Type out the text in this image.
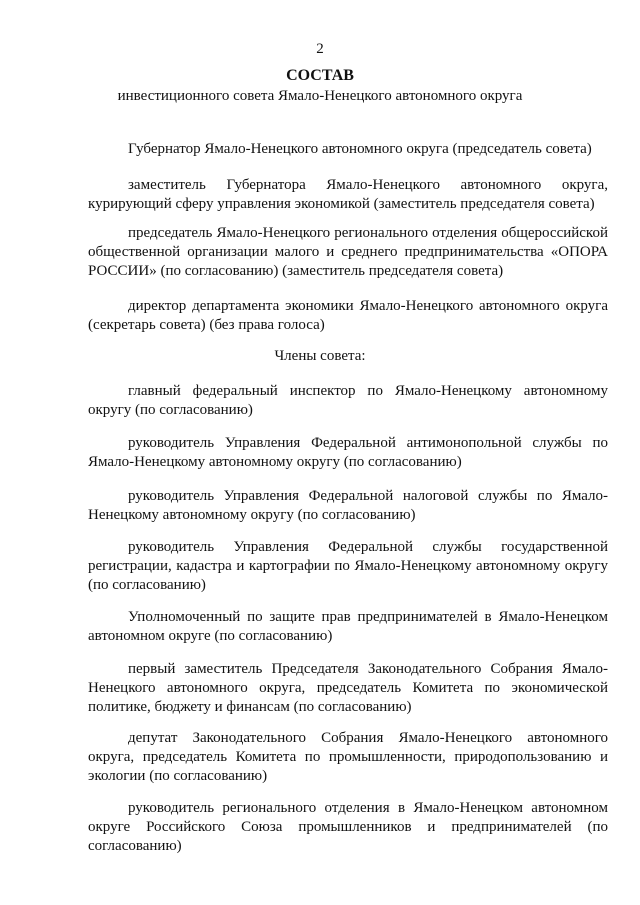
2
СОСТАВ
инвестиционного совета Ямало-Ненецкого автономного округа

Губернатор Ямало-Ненецкого автономного округа (председатель совета)

заместитель Губернатора Ямало-Ненецкого автономного округа, курирующий сферу управления экономикой (заместитель председателя совета)

председатель Ямало-Ненецкого регионального отделения общероссийской общественной организации малого и среднего предпринимательства «ОПОРА РОССИИ» (по согласованию) (заместитель председателя совета)

директор департамента экономики Ямало-Ненецкого автономного округа (секретарь совета) (без права голоса)

Члены совета:

главный федеральный инспектор по Ямало-Ненецкому автономному округу (по согласованию)

руководитель Управления Федеральной антимонопольной службы по Ямало-Ненецкому автономному округу (по согласованию)

руководитель Управления Федеральной налоговой службы по Ямало-Ненецкому автономному округу (по согласованию)

руководитель Управления Федеральной службы государственной регистрации, кадастра и картографии по Ямало-Ненецкому автономному округу (по согласованию)

Уполномоченный по защите прав предпринимателей в Ямало-Ненецком автономном округе (по согласованию)

первый заместитель Председателя Законодательного Собрания Ямало-Ненецкого автономного округа, председатель Комитета по экономической политике, бюджету и финансам (по согласованию)

депутат Законодательного Собрания Ямало-Ненецкого автономного округа, председатель Комитета по промышленности, природопользованию и экологии (по согласованию)

руководитель регионального отделения в Ямало-Ненецком автономном округе Российского Союза промышленников и предпринимателей (по согласованию)
